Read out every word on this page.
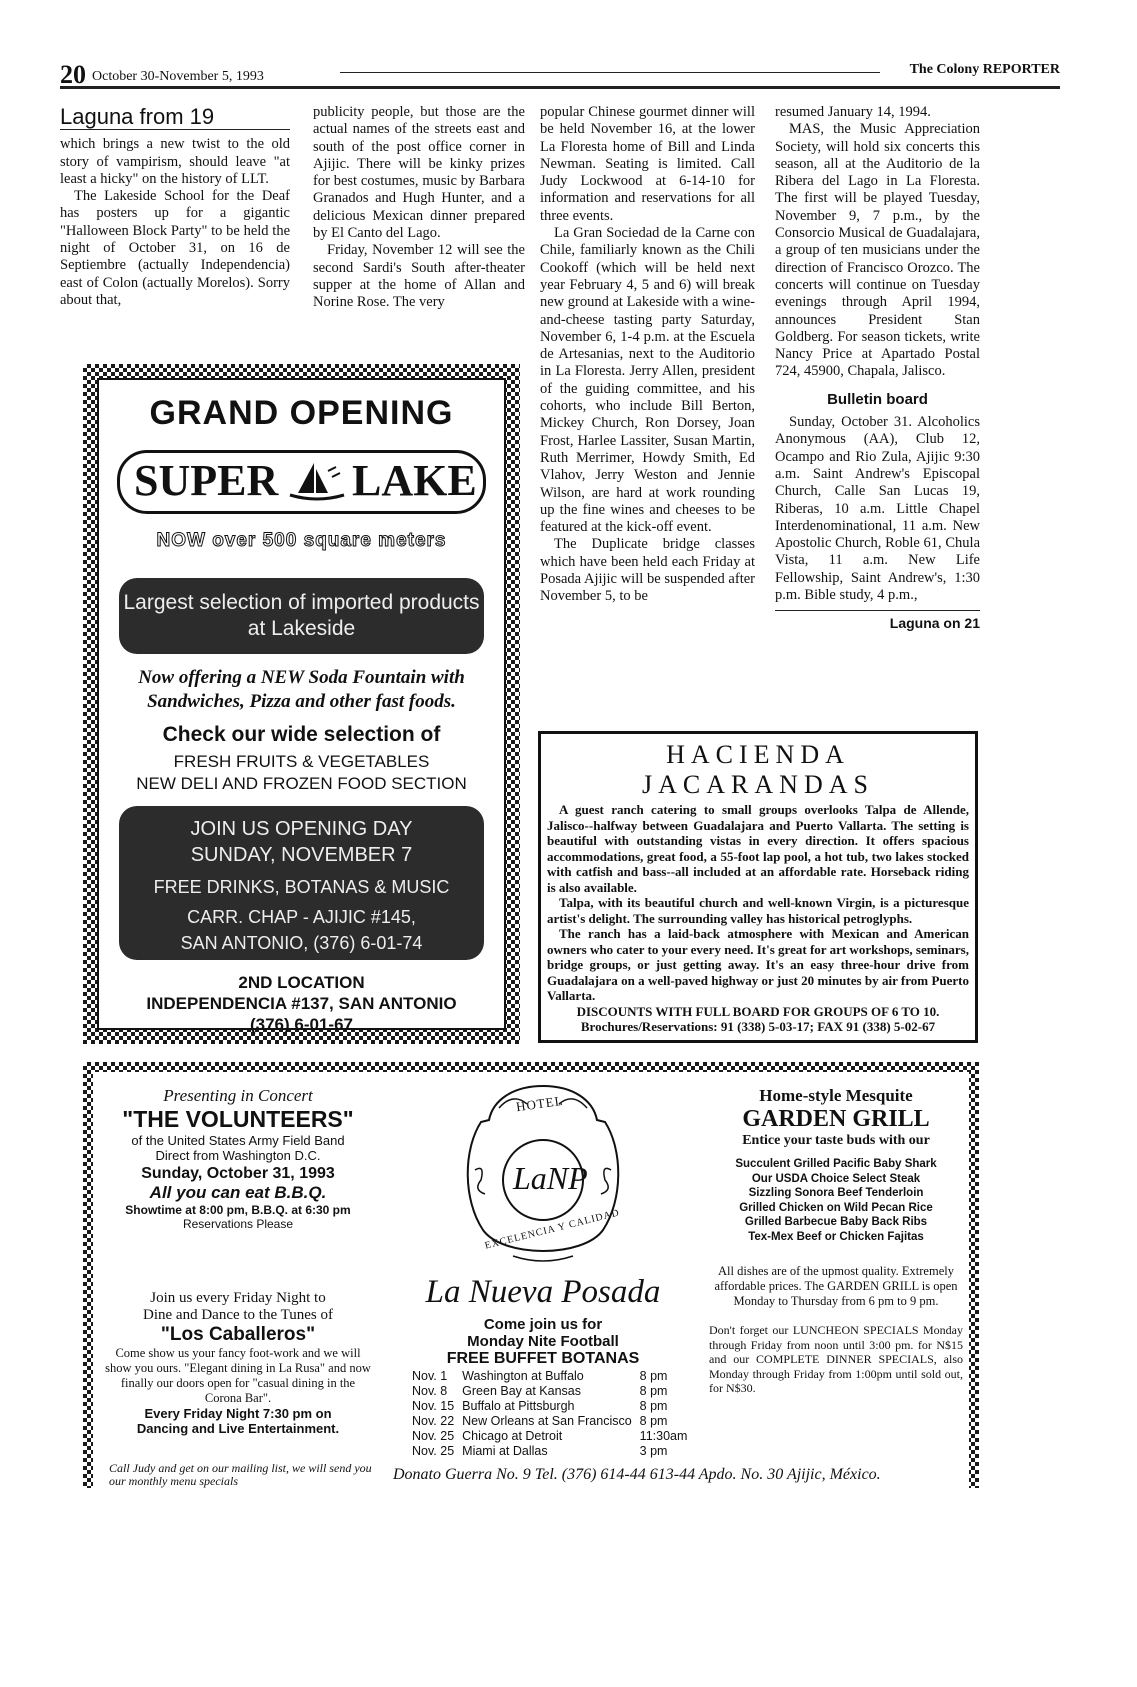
20 October 30-November 5, 1993	The Colony REPORTER
Laguna from 19

which brings a new twist to the old story of vampirism, should leave "at least a hicky" on the history of LLT.

The Lakeside School for the Deaf has posters up for a gigantic "Halloween Block Party" to be held the night of October 31, on 16 de Septiembre (actually Independencia) east of Colon (actually Morelos). Sorry about that,

publicity people, but those are the actual names of the streets east and south of the post office corner in Ajijic. There will be kinky prizes for best costumes, music by Barbara Granados and Hugh Hunter, and a delicious Mexican dinner prepared by El Canto del Lago.

Friday, November 12 will see the second Sardi's South after-theater supper at the home of Allan and Norine Rose. The very

popular Chinese gourmet dinner will be held November 16, at the lower La Floresta home of Bill and Linda Newman. Seating is limited. Call Judy Lockwood at 6-14-10 for information and reservations for all three events.

La Gran Sociedad de la Carne con Chile, familiarly known as the Chili Cookoff (which will be held next year February 4, 5 and 6) will break new ground at Lakeside with a wine-and-cheese tasting party Saturday, November 6, 1-4 p.m. at the Escuela de Artesanias, next to the Auditorio in La Floresta. Jerry Allen, president of the guiding committee, and his cohorts, who include Bill Berton, Mickey Church, Ron Dorsey, Joan Frost, Harlee Lassiter, Susan Martin, Ruth Merrimer, Howdy Smith, Ed Vlahov, Jerry Weston and Jennie Wilson, are hard at work rounding up the fine wines and cheeses to be featured at the kick-off event.

The Duplicate bridge classes which have been held each Friday at Posada Ajijic will be suspended after November 5, to be

resumed January 14, 1994.

MAS, the Music Appreciation Society, will hold six concerts this season, all at the Auditorio de la Ribera del Lago in La Floresta. The first will be played Tuesday, November 9, 7 p.m., by the Consorcio Musical de Guadalajara, a group of ten musicians under the direction of Francisco Orozco. The concerts will continue on Tuesday evenings through April 1994, announces President Stan Goldberg. For season tickets, write Nancy Price at Apartado Postal 724, 45900, Chapala, Jalisco.

Bulletin board

Sunday, October 31. Alcoholics Anonymous (AA), Club 12, Ocampo and Rio Zula, Ajijic 9:30 a.m. Saint Andrew's Episcopal Church, Calle San Lucas 19, Riberas, 10 a.m. Little Chapel Interdenominational, 11 a.m. New Apostolic Church, Roble 61, Chula Vista, 11 a.m. New Life Fellowship, Saint Andrew's, 1:30 p.m. Bible study, 4 p.m.,

Laguna on 21
GRAND OPENING
SUPER LAKE
NOW over 500 square meters
Largest selection of imported products at Lakeside
Now offering a NEW Soda Fountain with Sandwiches, Pizza and other fast foods.
Check our wide selection of
FRESH FRUITS & VEGETABLES
NEW DELI AND FROZEN FOOD SECTION
JOIN US OPENING DAY
SUNDAY, NOVEMBER 7
FREE DRINKS, BOTANAS & MUSIC
CARR. CHAP - AJIJIC #145,
SAN ANTONIO, (376) 6-01-74
2ND LOCATION
INDEPENDENCIA #137, SAN ANTONIO
(376) 6-01-67
HACIENDA JACARANDAS

A guest ranch catering to small groups overlooks Talpa de Allende, Jalisco--halfway between Guadalajara and Puerto Vallarta. The setting is beautiful with outstanding vistas in every direction. It offers spacious accommodations, great food, a 55-foot lap pool, a hot tub, two lakes stocked with catfish and bass--all included at an affordable rate. Horseback riding is also available.

Talpa, with its beautiful church and well-known Virgin, is a picturesque artist's delight. The surrounding valley has historical petroglyphs.

The ranch has a laid-back atmosphere with Mexican and American owners who cater to your every need. It's great for art workshops, seminars, bridge groups, or just getting away. It's an easy three-hour drive from Guadalajara on a well-paved highway or just 20 minutes by air from Puerto Vallarta.

DISCOUNTS WITH FULL BOARD FOR GROUPS OF 6 TO 10.

Brochures/Reservations: 91 (338) 5-03-17; FAX 91 (338) 5-02-67

Presenting in Concert
"THE VOLUNTEERS"
of the United States Army Field Band
Direct from Washington D.C.
Sunday, October 31, 1993
All you can eat B.B.Q.
Showtime at 8:00 pm, B.B.Q. at 6:30 pm
Reservations Please
Join us every Friday Night to
Dine and Dance to the Tunes of
"Los Caballeros"
Come show us your fancy foot-work and we will show you ours. "Elegant dining in La Rusa" and now finally our doors open for "casual dining in the Corona Bar".
Every Friday Night 7:30 pm on
Dancing and Live Entertainment.
HOTEL
LaNP
EXCELENCIA Y CALIDAD
La Nueva Posada
Come join us for
Monday Nite Football
FREE BUFFET BOTANAS
Nov. 1	Washington at Buffalo	8 pm
Nov. 8	Green Bay at Kansas	8 pm
Nov. 15	Buffalo at Pittsburgh	8 pm
Nov. 22	New Orleans at San Francisco	8 pm
Nov. 25	Chicago at Detroit	11:30am
Nov. 25	Miami at Dallas	3 pm
Home-style Mesquite
GARDEN GRILL
Entice your taste buds with our
Succulent Grilled Pacific Baby Shark
Our USDA Choice Select Steak
Sizzling Sonora Beef Tenderloin
Grilled Chicken on Wild Pecan Rice
Grilled Barbecue Baby Back Ribs
Tex-Mex Beef or Chicken Fajitas
All dishes are of the upmost quality. Extremely affordable prices. The GARDEN GRILL is open Monday to Thursday from 6 pm to 9 pm.
Don't forget our LUNCHEON SPECIALS Monday through Friday from noon until 3:00 pm. for N$15 and our COMPLETE DINNER SPECIALS, also Monday through Friday from 1:00pm until sold out, for N$30.
Call Judy and get on our mailing list, we will send you our monthly menu specials	Donato Guerra No. 9 Tel. (376) 614-44 613-44 Apdo. No. 30 Ajijic, México.
